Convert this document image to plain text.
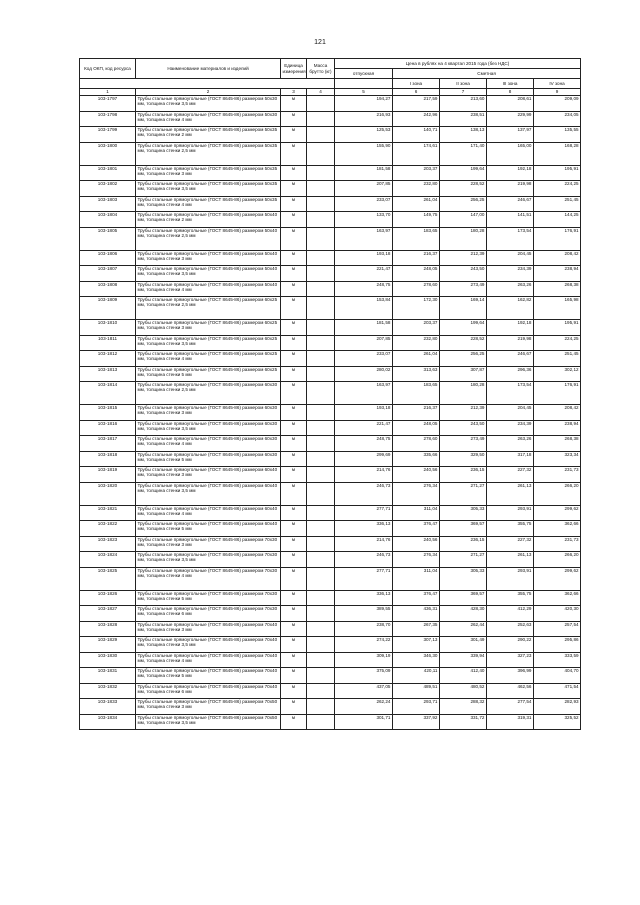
121
Код ОКП, код ресурса	Наименование материалов и изделий	Единица измерения	Масса брутто (кг)	Цена в рублях на 4 квартал 2015 года (без НДС)				
				отпускная	Сметная			
					I зона	II зона	III зона	IV зона
1	2	3	4	5	6	7	8	9
103-1797	Трубы стальные прямоугольные (ГОСТ 8645-86) размером 50х30 мм, толщина стенки 3,5 мм	м		194,27	217,59	213,60	208,61	209,09
103-1798	Трубы стальные прямоугольные (ГОСТ 8645-86) размером 50х30 мм, толщина стенки 4 мм	м		216,93	242,96	238,51	229,99	234,05
103-1799	Трубы стальные прямоугольные (ГОСТ 8645-86) размером 50х35 мм, толщина стенки 2 мм	м		125,53	140,71	138,13	137,97	135,55
103-1800	Трубы стальные прямоугольные (ГОСТ 8645-86) размером 50х35 мм, толщина стенки 2,5 мм	м		155,90	174,61	171,40	165,00	168,28
103-1801	Трубы стальные прямоугольные (ГОСТ 8645-86) размером 50х35 мм, толщина стенки 3 мм	м		181,58	203,37	199,64	192,18	195,91
103-1802	Трубы стальные прямоугольные (ГОСТ 8645-86) размером 50х35 мм, толщина стенки 3,5 мм	м		207,85	232,80	228,52	219,98	224,25
103-1803	Трубы стальные прямоугольные (ГОСТ 8645-86) размером 50х35 мм, толщина стенки 4 мм	м		233,07	261,04	256,25	246,67	251,45
103-1804	Трубы стальные прямоугольные (ГОСТ 8645-86) размером 50х40 мм, толщина стенки 2 мм	м		133,70	149,75	147,00	141,51	144,25
103-1805	Трубы стальные прямоугольные (ГОСТ 8645-86) размером 50х40 мм, толщина стенки 2,5 мм	м		163,97	183,65	180,28	173,54	176,91
103-1806	Трубы стальные прямоугольные (ГОСТ 8645-86) размером 50х40 мм, толщина стенки 3 мм	м		193,18	216,37	212,39	204,45	208,42
103-1807	Трубы стальные прямоугольные (ГОСТ 8645-86) размером 50х40 мм, толщина стенки 3,5 мм	м		221,47	248,05	243,50	234,39	238,94
103-1808	Трубы стальные прямоугольные (ГОСТ 8645-86) размером 50х40 мм, толщина стенки 4 мм	м		248,75	278,60	273,49	263,26	268,38
103-1809	Трубы стальные прямоугольные (ГОСТ 8645-86) размером 60х25 мм, толщина стенки 2,5 мм	м		153,84	172,30	169,14	162,82	165,98
103-1810	Трубы стальные прямоугольные (ГОСТ 8645-86) размером 60х25 мм, толщина стенки 3 мм	м		181,58	203,37	199,64	192,18	195,91
103-1811	Трубы стальные прямоугольные (ГОСТ 8645-86) размером 60х25 мм, толщина стенки 3,5 мм	м		207,85	232,80	228,52	219,98	224,25
103-1812	Трубы стальные прямоугольные (ГОСТ 8645-86) размером 60х25 мм, толщина стенки 4 мм	м		233,07	261,04	256,25	246,67	251,45
103-1813	Трубы стальные прямоугольные (ГОСТ 8645-86) размером 60х25 мм, толщина стенки 5 мм	м		280,02	313,63	307,87	296,36	302,12
103-1814	Трубы стальные прямоугольные (ГОСТ 8645-86) размером 60х30 мм, толщина стенки 2,5 мм	м		163,97	183,65	180,28	173,54	176,91
103-1815	Трубы стальные прямоугольные (ГОСТ 8645-86) размером 60х30 мм, толщина стенки 3 мм	м		193,18	216,37	212,39	204,45	208,42
103-1816	Трубы стальные прямоугольные (ГОСТ 8645-86) размером 60х30 мм, толщина стенки 3,5 мм	м		221,47	248,05	243,50	234,39	238,94
103-1817	Трубы стальные прямоугольные (ГОСТ 8645-86) размером 60х30 мм, толщина стенки 4 мм	м		248,75	278,60	273,49	263,26	268,38
103-1818	Трубы стальные прямоугольные (ГОСТ 8645-86) размером 60х30 мм, толщина стенки 5 мм	м		299,69	335,66	329,50	317,18	323,34
103-1819	Трубы стальные прямоугольные (ГОСТ 8645-86) размером 60х40 мм, толщина стенки 3 мм	м		214,76	240,56	236,15	227,32	231,73
103-1820	Трубы стальные прямоугольные (ГОСТ 8645-86) размером 60х40 мм, толщина стенки 3,5 мм	м		246,73	276,34	271,27	261,13	266,20
103-1821	Трубы стальные прямоугольные (ГОСТ 8645-86) размером 60х40 мм, толщина стенки 4 мм	м		277,71	311,04	305,33	293,91	299,62
103-1822	Трубы стальные прямоугольные (ГОСТ 8645-86) размером 60х40 мм, толщина стенки 5 мм	м		336,13	376,47	369,57	355,75	362,66
103-1823	Трубы стальные прямоугольные (ГОСТ 8645-86) размером 70х30 мм, толщина стенки 3 мм	м		214,76	240,56	236,15	227,32	231,73
103-1824	Трубы стальные прямоугольные (ГОСТ 8645-86) размером 70х30 мм, толщина стенки 3,5 мм	м		246,73	276,34	271,27	261,13	266,20
103-1825	Трубы стальные прямоугольные (ГОСТ 8645-86) размером 70х30 мм, толщина стенки 4 мм	м		277,71	311,04	305,33	293,91	299,62
103-1826	Трубы стальные прямоугольные (ГОСТ 8645-86) размером 70х30 мм, толщина стенки 5 мм	м		336,13	376,47	369,57	355,75	362,66
103-1827	Трубы стальные прямоугольные (ГОСТ 8645-86) размером 70х30 мм, толщина стенки 6 мм	м		389,55	436,31	428,30	412,29	420,30
103-1828	Трубы стальные прямоугольные (ГОСТ 8645-86) размером 70х40 мм, толщина стенки 3 мм	м		238,70	267,35	262,44	252,63	257,54
103-1829	Трубы стальные прямоугольные (ГОСТ 8645-86) размером 70х40 мм, толщина стенки 3,5 мм	м		274,22	307,13	301,49	290,22	295,86
103-1830	Трубы стальные прямоугольные (ГОСТ 8645-86) размером 70х40 мм, толщина стенки 4 мм	м		309,19	346,30	339,94	327,23	333,59
103-1831	Трубы стальные прямоугольные (ГОСТ 8645-86) размером 70х40 мм, толщина стенки 5 мм	м		375,09	420,11	412,40	396,99	404,70
103-1832	Трубы стальные прямоугольные (ГОСТ 8645-86) размером 70х40 мм, толщина стенки 6 мм	м		437,05	489,51	480,52	462,56	471,54
103-1833	Трубы стальные прямоугольные (ГОСТ 8645-86) размером 70х50 мм, толщина стенки 3 мм	м		262,24	293,71	288,32	277,54	282,93
103-1834	Трубы стальные прямоугольные (ГОСТ 8645-86) размером 70х50 мм, толщина стенки 3,5 мм	м		301,71	337,92	331,72	319,31	325,52
